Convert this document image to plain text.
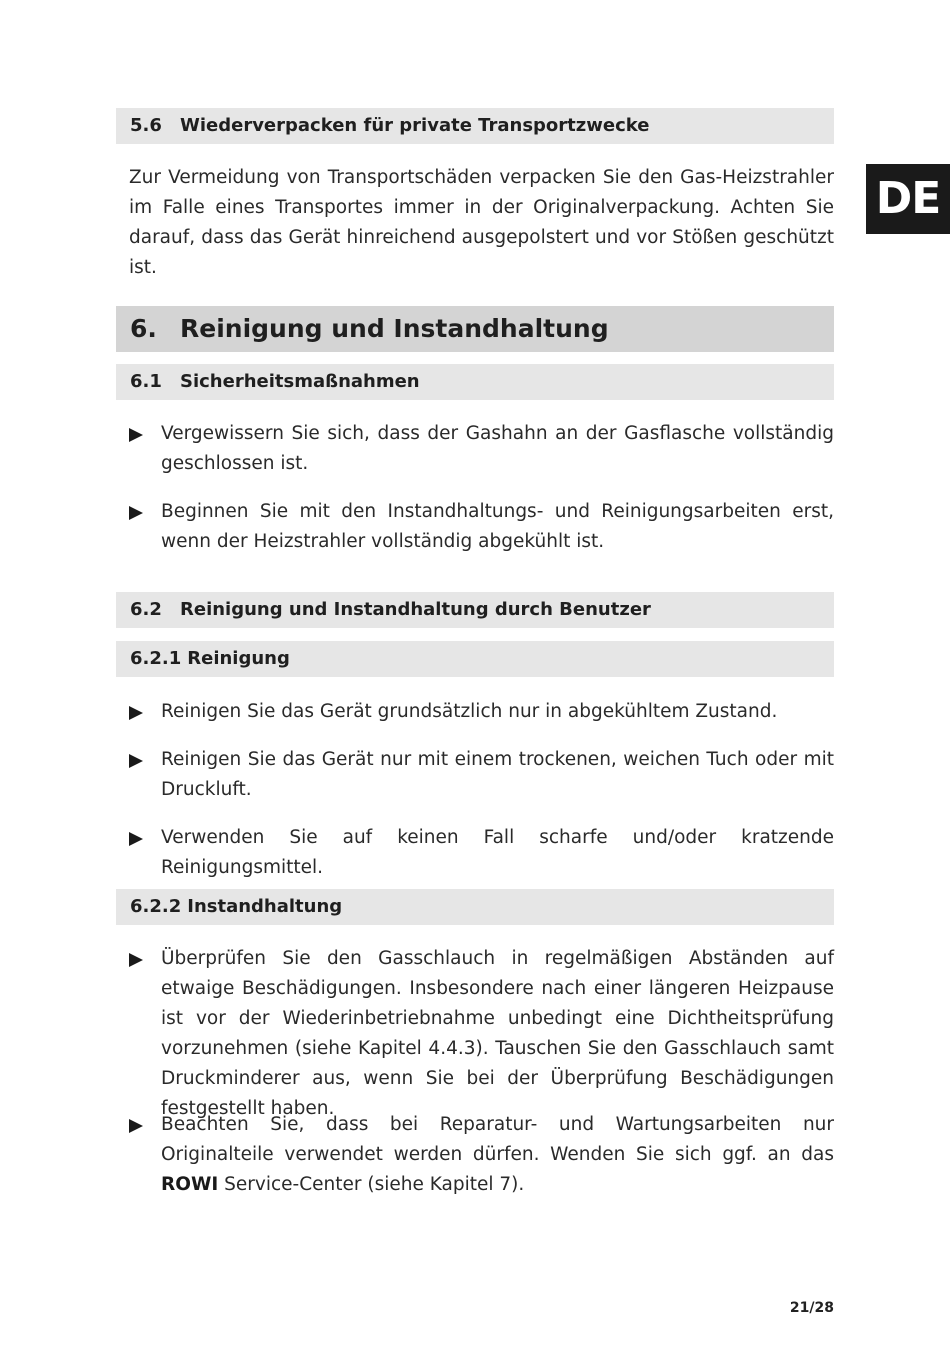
DE
5.6 Wiederverpacken für private Transportzwecke
Zur Vermeidung von Transportschäden verpacken Sie den Gas-Heizstrahler im Falle eines Transportes immer in der Originalverpackung. Achten Sie darauf, dass das Gerät hinreichend ausgepolstert und vor Stößen geschützt ist.
6. Reinigung und Instandhaltung
6.1 Sicherheitsmaßnahmen
Vergewissern Sie sich, dass der Gashahn an der Gasflasche vollständig geschlossen ist.
Beginnen Sie mit den Instandhaltungs- und Reinigungsarbeiten erst, wenn der Heizstrahler vollständig abgekühlt ist.
6.2 Reinigung und Instandhaltung durch Benutzer
6.2.1 Reinigung
Reinigen Sie das Gerät grundsätzlich nur in abgekühltem Zustand.
Reinigen Sie das Gerät nur mit einem trockenen, weichen Tuch oder mit Druckluft.
Verwenden Sie auf keinen Fall scharfe und/oder kratzende Reinigungsmittel.
6.2.2 Instandhaltung
Überprüfen Sie den Gasschlauch in regelmäßigen Abständen auf etwaige Beschädigungen. Insbesondere nach einer längeren Heizpause ist vor der Wiederinbetriebnahme unbedingt eine Dichtheitsprüfung vorzunehmen (siehe Kapitel 4.4.3). Tauschen Sie den Gasschlauch samt Druckminderer aus, wenn Sie bei der Überprüfung Beschädigungen festgestellt haben.
Beachten Sie, dass bei Reparatur- und Wartungsarbeiten nur Originalteile verwendet werden dürfen. Wenden Sie sich ggf. an das ROWI Service-Center (siehe Kapitel 7).
21/28
